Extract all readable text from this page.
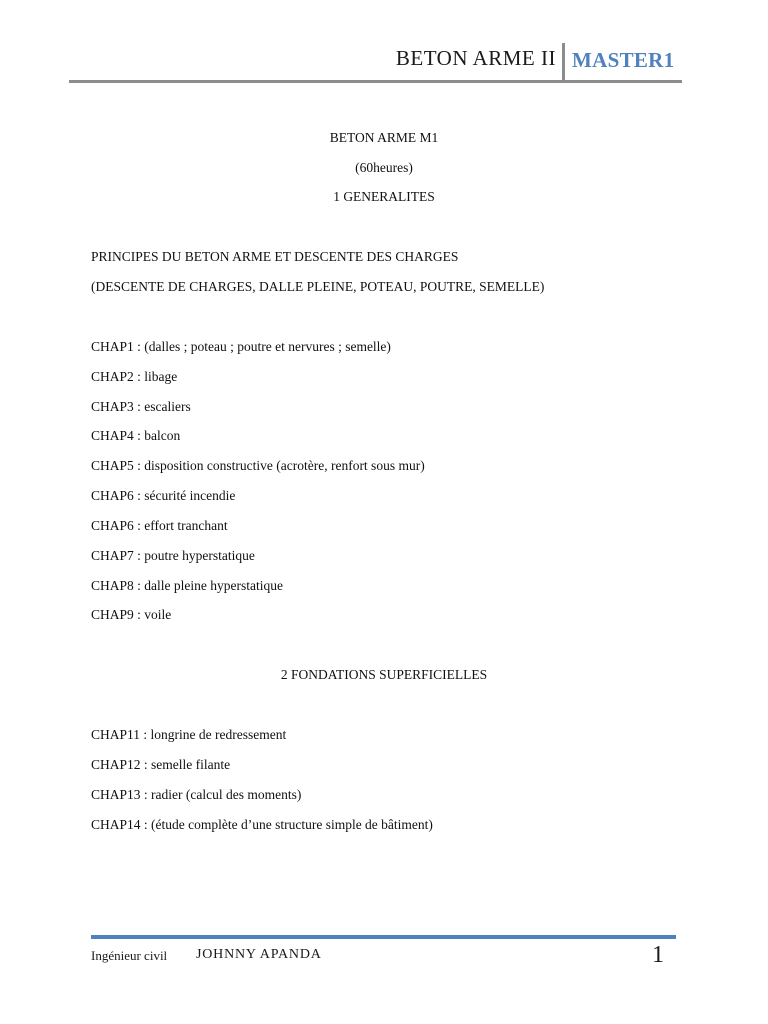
BETON ARME II MASTER1
BETON ARME M1
(60heures)
1 GENERALITES
PRINCIPES DU BETON ARME ET DESCENTE DES CHARGES
(DESCENTE DE CHARGES, DALLE PLEINE, POTEAU, POUTRE, SEMELLE)
CHAP1 : (dalles ; poteau ; poutre et nervures ; semelle)
CHAP2 : libage
CHAP3 : escaliers
CHAP4 : balcon
CHAP5 : disposition constructive (acrotère, renfort sous mur)
CHAP6 : sécurité incendie
CHAP6 : effort tranchant
CHAP7 : poutre hyperstatique
CHAP8 : dalle pleine hyperstatique
CHAP9 : voile
2 FONDATIONS SUPERFICIELLES
CHAP11 : longrine de redressement
CHAP12 : semelle filante
CHAP13 : radier (calcul des moments)
CHAP14 : (étude complète d’une structure simple de bâtiment)
Ingénieur civil JOHNNY APANDA	1
